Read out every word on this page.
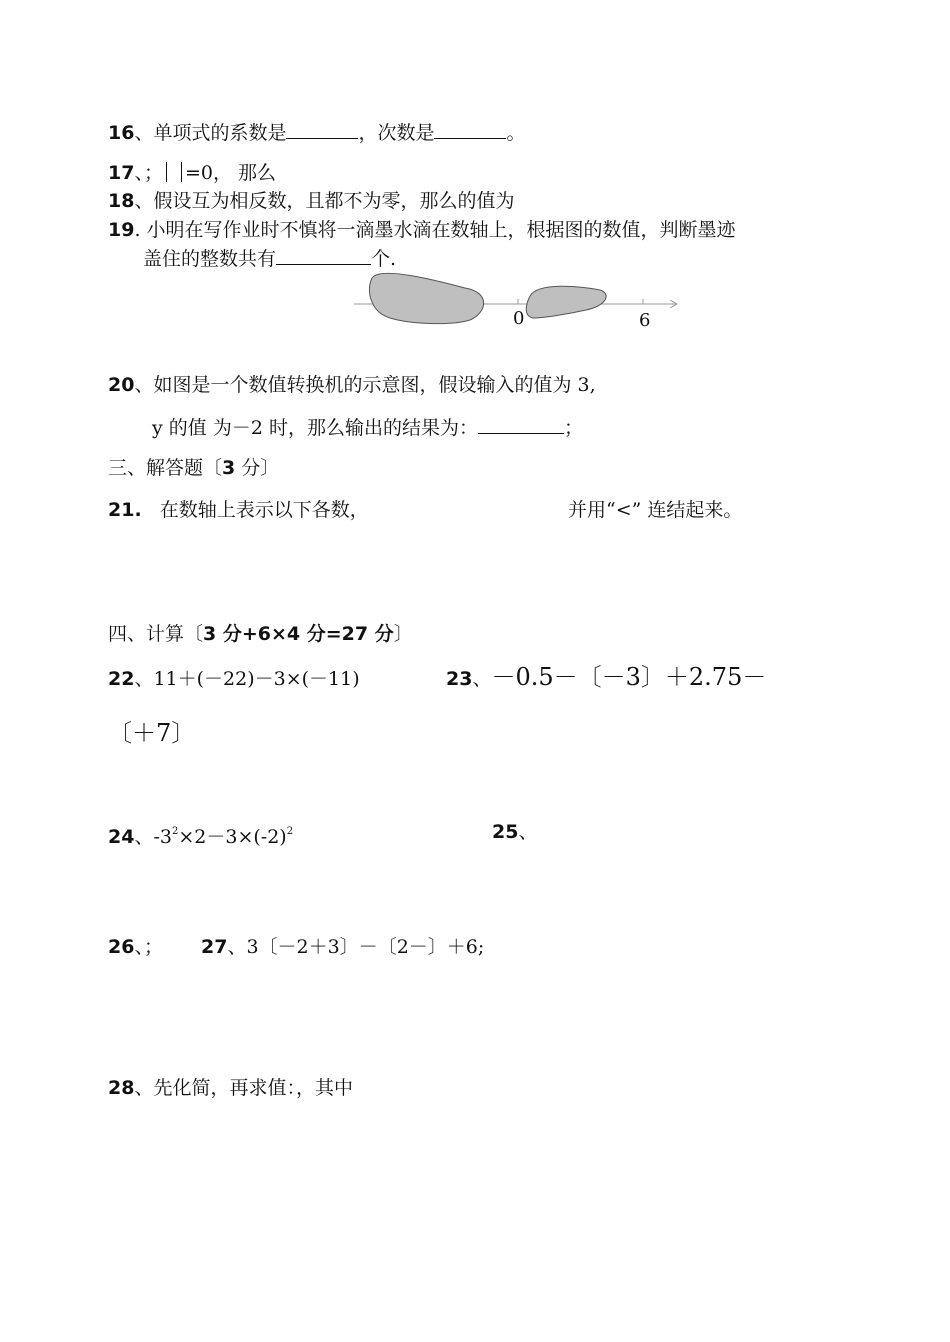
16、单项式的系数是	，次数是	。
17、； =0， 那么
18、假设互为相反数，且都不为零，那么的值为
19. 小明在写作业时不慎将一滴墨水滴在数轴上，根据图的数值，判断墨迹
盖住的整数共有	个.
0	6
20、如图是一个数值转换机的示意图，假设输入的值为 3,
y 的值 为－2 时，那么输出的结果为：	；
三、解答题〔3 分〕
21. 在数轴上表示以下各数，	并用“<” 连结起来。
四、计算〔3 分+6×4 分=27 分〕
22、11＋(－22)－3×(－11)	23、－0.5－〔－3〕＋2.75－
〔＋7〕
24、$-3^2\times 2-3\times(-2)^2$	25、
26、； 27、3〔－2＋3〕－〔2－〕＋6;
28、先化简，再求值：，其中
